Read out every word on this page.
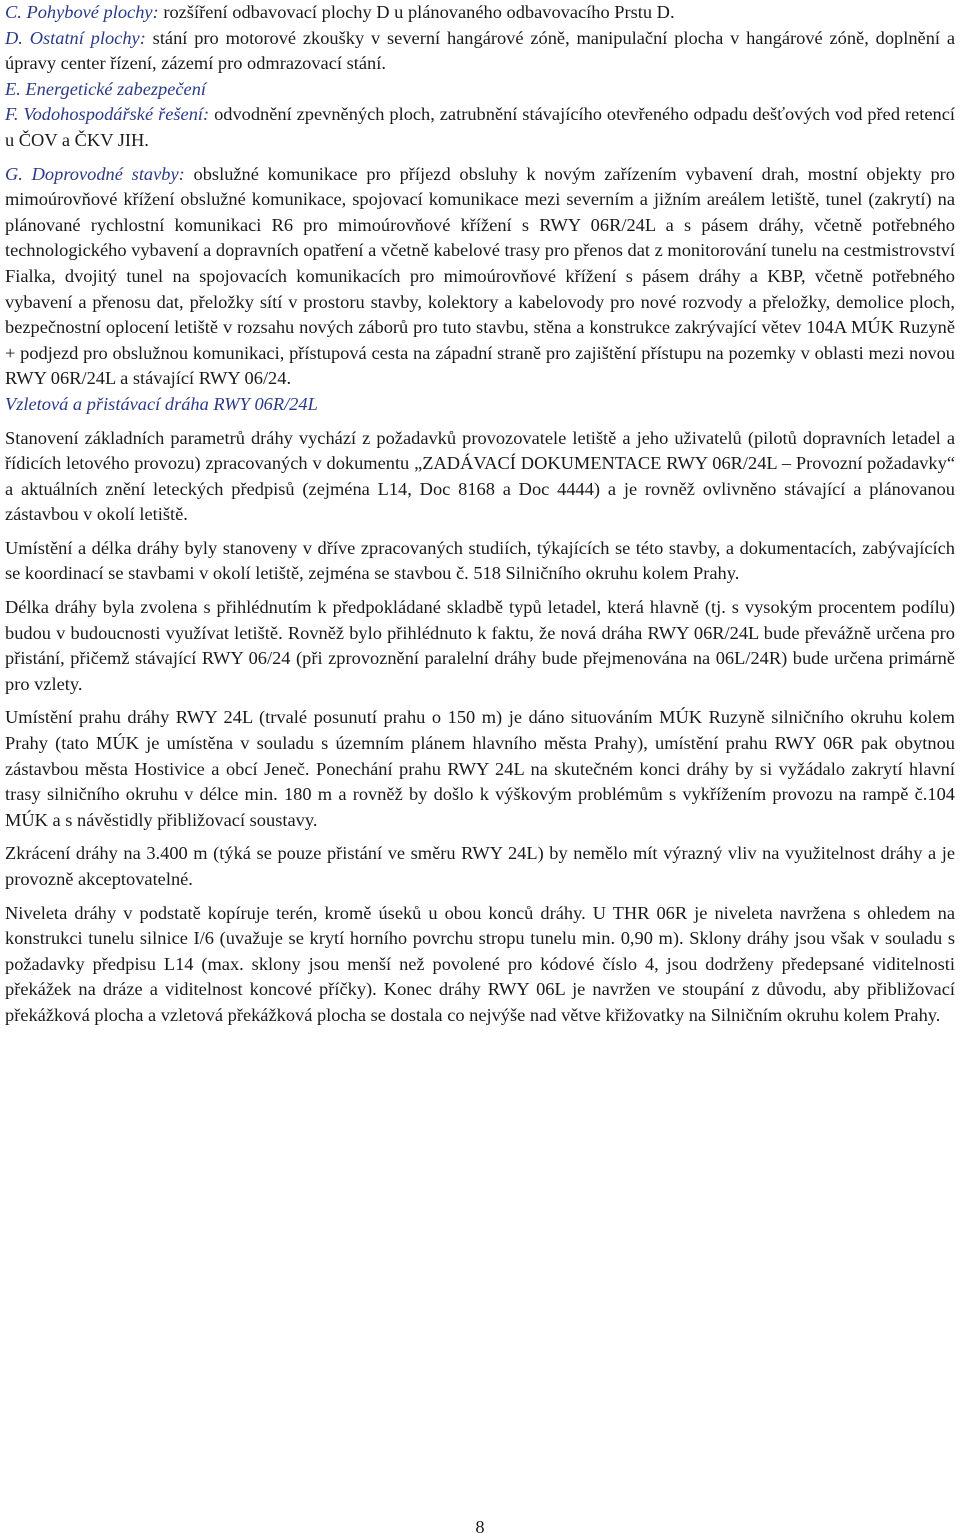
C. Pohybové plochy: rozšíření odbavovací plochy D u plánovaného odbavovacího Prstu D.

D. Ostatní plochy: stání pro motorové zkoušky v severní hangárové zóně, manipulační plocha v hangárové zóně, doplnění a úpravy center řízení, zázemí pro odmrazovací stání.

E. Energetické zabezpečení

F. Vodohospodářské řešení: odvodnění zpevněných ploch, zatrubnění stávajícího otevřeného odpadu dešťových vod před retencí u ČOV a ČKV JIH.

G. Doprovodné stavby: obslužné komunikace pro příjezd obsluhy k novým zařízením vybavení drah, mostní objekty pro mimoúrovňové křížení obslužné komunikace, spojovací komunikace mezi severním a jižním areálem letiště, tunel (zakrytí) na plánované rychlostní komunikaci R6 pro mimoúrovňové křížení s RWY 06R/24L a s pásem dráhy, včetně potřebného technologického vybavení a dopravních opatření a včetně kabelové trasy pro přenos dat z monitorování tunelu na cestmistrovství Fialka, dvojitý tunel na spojovacích komunikacích pro mimoúrovňové křížení s pásem dráhy a KBP, včetně potřebného vybavení a přenosu dat, přeložky sítí v prostoru stavby, kolektory a kabelovody pro nové rozvody a přeložky, demolice ploch, bezpečnostní oplocení letiště v rozsahu nových záborů pro tuto stavbu, stěna a konstrukce zakrývající větev 104A MÚK Ruzyně + podjezd pro obslužnou komunikaci, přístupová cesta na západní straně pro zajištění přístupu na pozemky v oblasti mezi novou RWY 06R/24L a stávající RWY 06/24.

Vzletová a přistávací dráha RWY 06R/24L

Stanovení základních parametrů dráhy vychází z požadavků provozovatele letiště a jeho uživatelů (pilotů dopravních letadel a řídicích letového provozu) zpracovaných v dokumentu „ZADÁVACÍ DOKUMENTACE RWY 06R/24L – Provozní požadavky“ a aktuálních znění leteckých předpisů (zejména L14, Doc 8168 a Doc 4444) a je rovněž ovlivněno stávající a plánovanou zástavbou v okolí letiště.

Umístění a délka dráhy byly stanoveny v dříve zpracovaných studiích, týkajících se této stavby, a dokumentacích, zabývajících se koordinací se stavbami v okolí letiště, zejména se stavbou č. 518 Silničního okruhu kolem Prahy.

Délka dráhy byla zvolena s přihlédnutím k předpokládané skladbě typů letadel, která hlavně (tj. s vysokým procentem podílu) budou v budoucnosti využívat letiště. Rovněž bylo přihlédnuto k faktu, že nová dráha RWY 06R/24L bude převážně určena pro přistání, přičemž stávající RWY 06/24 (při zprovoznění paralelní dráhy bude přejmenována na 06L/24R) bude určena primárně pro vzlety.

Umístění prahu dráhy RWY 24L (trvalé posunutí prahu o 150 m) je dáno situováním MÚK Ruzyně silničního okruhu kolem Prahy (tato MÚK je umístěna v souladu s územním plánem hlavního města Prahy), umístění prahu RWY 06R pak obytnou zástavbou města Hostivice a obcí Jeneč. Ponechání prahu RWY 24L na skutečném konci dráhy by si vyžádalo zakrytí hlavní trasy silničního okruhu v délce min. 180 m a rovněž by došlo k výškovým problémům s vykřížením provozu na rampě č.104 MÚK a s návěstidly přibližovací soustavy.

Zkrácení dráhy na 3.400 m (týká se pouze přistání ve směru RWY 24L) by nemělo mít výrazný vliv na využitelnost dráhy a je provozně akceptovatelné.

Niveleta dráhy v podstatě kopíruje terén, kromě úseků u obou konců dráhy. U THR 06R je niveleta navržena s ohledem na konstrukci tunelu silnice I/6 (uvažuje se krytí horního povrchu stropu tunelu min. 0,90 m). Sklony dráhy jsou však v souladu s požadavky předpisu L14 (max. sklony jsou menší než povolené pro kódové číslo 4, jsou dodrženy předepsané viditelnosti překážek na dráze a viditelnost koncové příčky). Konec dráhy RWY 06L je navržen ve stoupání z důvodu, aby přibližovací překážková plocha a vzletová překážková plocha se dostala co nejvýše nad větve křižovatky na Silničním okruhu kolem Prahy.

8
